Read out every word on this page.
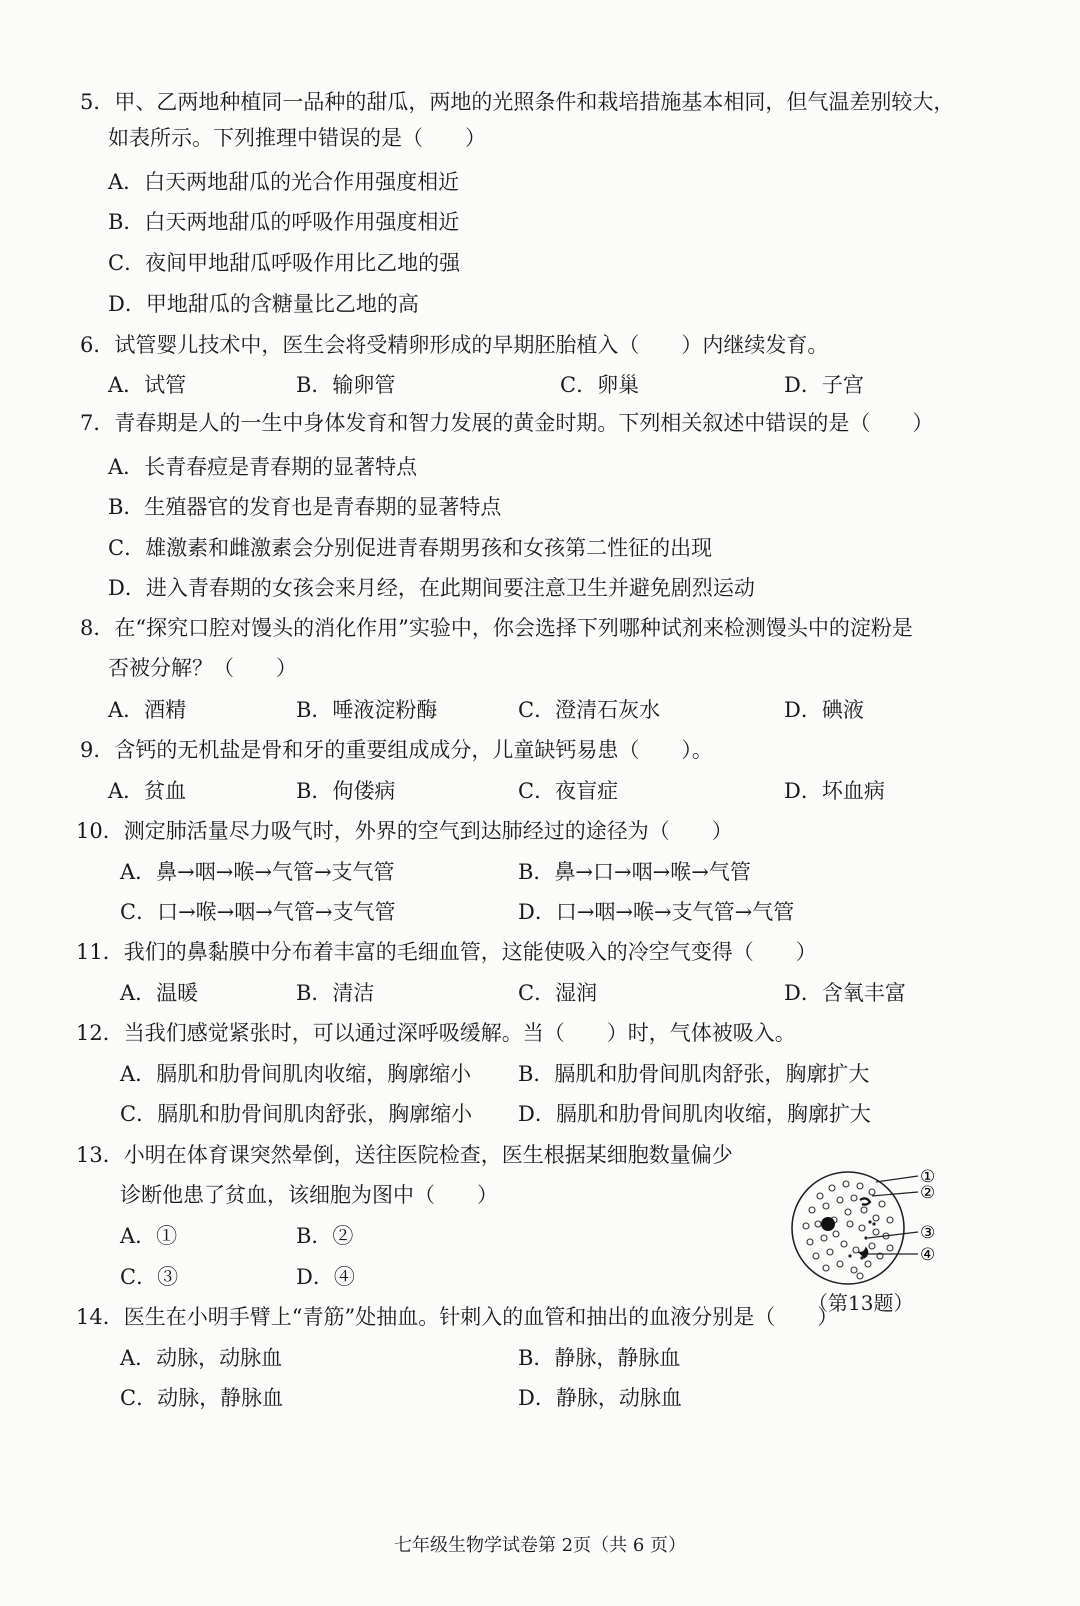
5．甲、乙两地种植同一品种的甜瓜，两地的光照条件和栽培措施基本相同，但气温差别较大，
如表所示。下列推理中错误的是（　　）
A．白天两地甜瓜的光合作用强度相近
B．白天两地甜瓜的呼吸作用强度相近
C．夜间甲地甜瓜呼吸作用比乙地的强
D．甲地甜瓜的含糖量比乙地的高
6．试管婴儿技术中，医生会将受精卵形成的早期胚胎植入（　　）内继续发育。
A．试管	B．输卵管	C．卵巢	D．子宫
7．青春期是人的一生中身体发育和智力发展的黄金时期。下列相关叙述中错误的是（　　）
A．长青春痘是青春期的显著特点
B．生殖器官的发育也是青春期的显著特点
C．雄激素和雌激素会分别促进青春期男孩和女孩第二性征的出现
D．进入青春期的女孩会来月经，在此期间要注意卫生并避免剧烈运动
8．在“探究口腔对馒头的消化作用”实验中，你会选择下列哪种试剂来检测馒头中的淀粉是
否被分解？（　　）
A．酒精	B．唾液淀粉酶	C．澄清石灰水	D．碘液
9．含钙的无机盐是骨和牙的重要组成成分，儿童缺钙易患（　　）。
A．贫血	B．佝偻病	C．夜盲症	D．坏血病
10．测定肺活量尽力吸气时，外界的空气到达肺经过的途径为（　　）
A．鼻→咽→喉→气管→支气管	B．鼻→口→咽→喉→气管
C．口→喉→咽→气管→支气管	D．口→咽→喉→支气管→气管
11．我们的鼻黏膜中分布着丰富的毛细血管，这能使吸入的冷空气变得（　　）
A．温暖	B．清洁	C．湿润	D．含氧丰富
12．当我们感觉紧张时，可以通过深呼吸缓解。当（　　）时，气体被吸入。
A．膈肌和肋骨间肌肉收缩，胸廓缩小 B．膈肌和肋骨间肌肉舒张，胸廓扩大
C．膈肌和肋骨间肌肉舒张，胸廓缩小 D．膈肌和肋骨间肌肉收缩，胸廓扩大
13．小明在体育课突然晕倒，送往医院检查，医生根据某细胞数量偏少
诊断他患了贫血，该细胞为图中（　　）
A．①	B．②
C．③	D．④
①
②
③
④
（第13题）
14．医生在小明手臂上“青筋”处抽血。针刺入的血管和抽出的血液分别是（　　）
A．动脉，动脉血	B．静脉，静脉血
C．动脉，静脉血	D．静脉，动脉血
七年级生物学试卷第 2页（共 6 页）
